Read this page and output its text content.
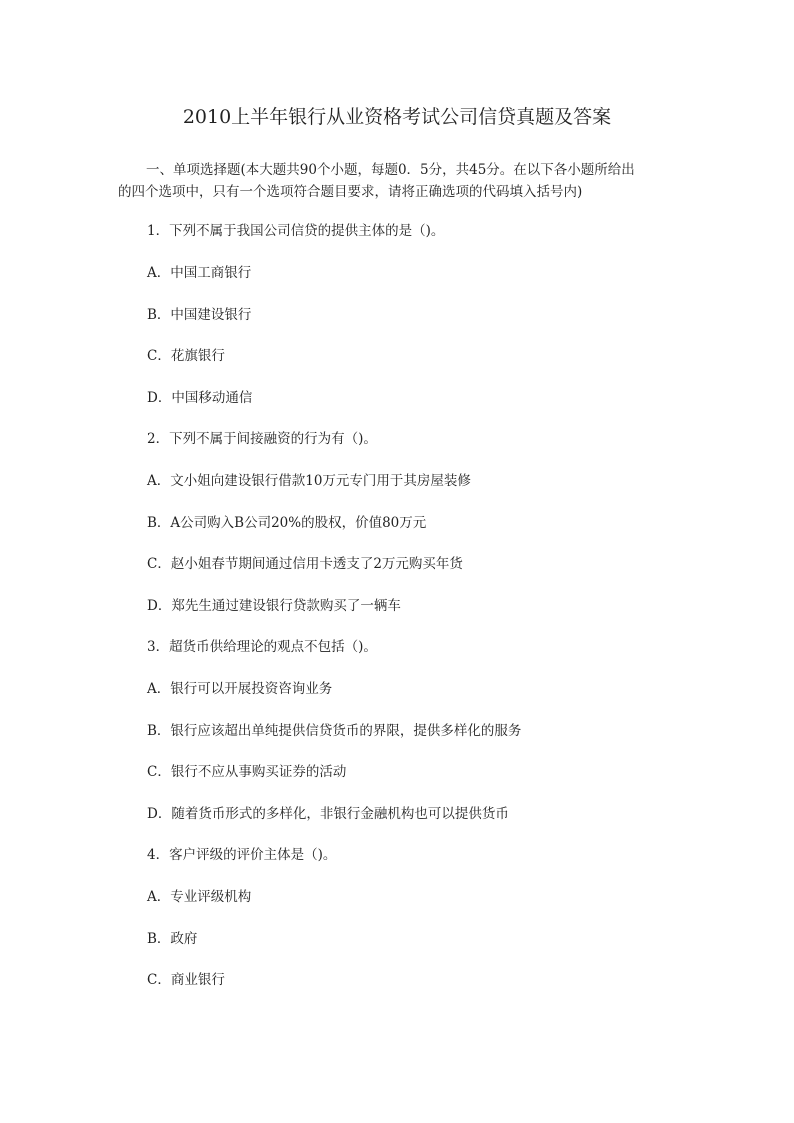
2010上半年银行从业资格考试公司信贷真题及答案
一、单项选择题(本大题共90个小题，每题0．5分，共45分。在以下各小题所给出
的四个选项中，只有一个选项符合题目要求，请将正确选项的代码填入括号内)
1．下列不属于我国公司信贷的提供主体的是（)。
A．中国工商银行
B．中国建设银行
C．花旗银行
D．中国移动通信
2．下列不属于间接融资的行为有（)。
A．文小姐向建设银行借款10万元专门用于其房屋装修
B．A公司购入B公司20%的股权，价值80万元
C．赵小姐春节期间通过信用卡透支了2万元购买年货
D．郑先生通过建设银行贷款购买了一辆车
3．超货币供给理论的观点不包括（)。
A．银行可以开展投资咨询业务
B．银行应该超出单纯提供信贷货币的界限，提供多样化的服务
C．银行不应从事购买证券的活动
D．随着货币形式的多样化，非银行金融机构也可以提供货币
4．客户评级的评价主体是（)。
A．专业评级机构
B．政府
C．商业银行
